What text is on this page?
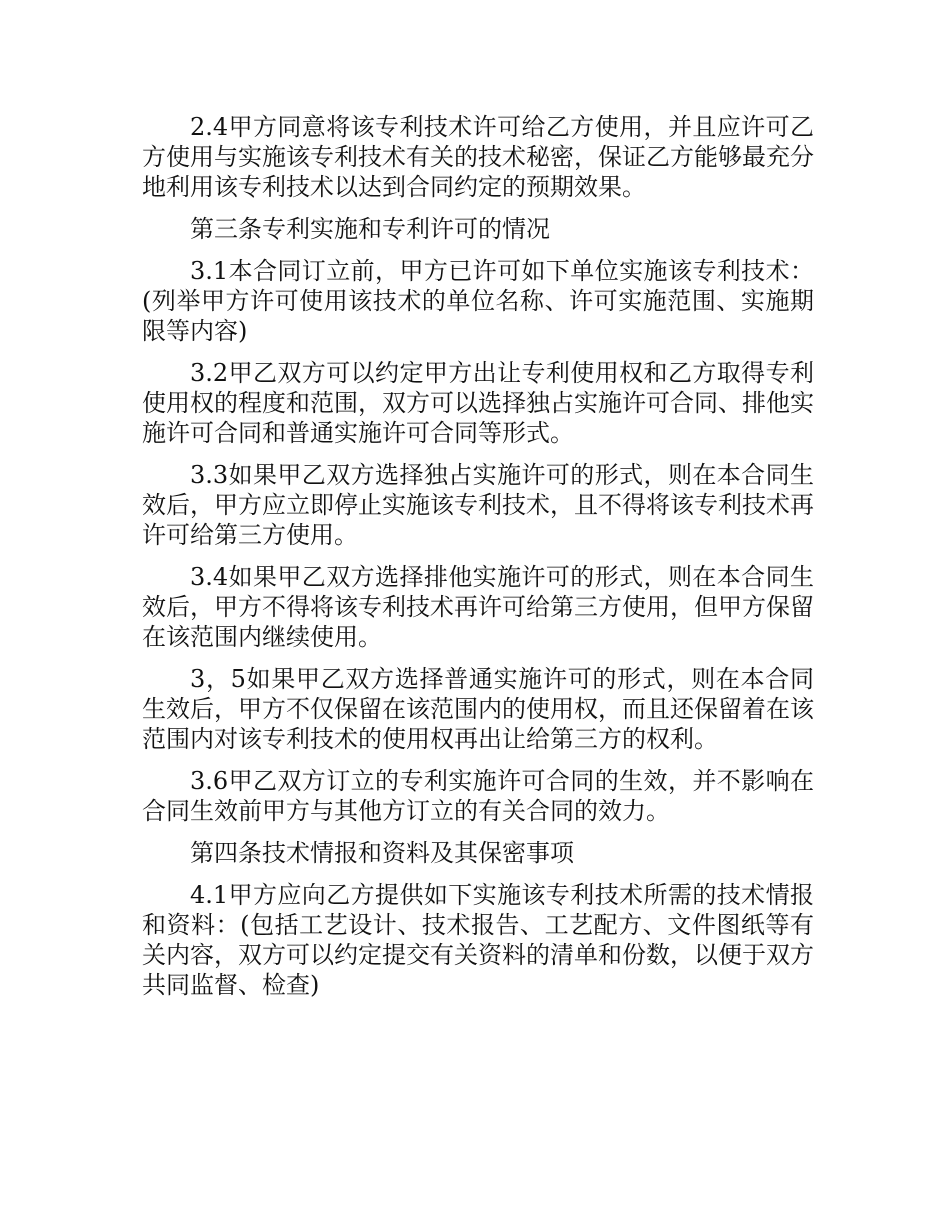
2.4甲方同意将该专利技术许可给乙方使用，并且应许可乙方使用与实施该专利技术有关的技术秘密，保证乙方能够最充分地利用该专利技术以达到合同约定的预期效果。

第三条专利实施和专利许可的情况

3.1本合同订立前，甲方已许可如下单位实施该专利技术：(列举甲方许可使用该技术的单位名称、许可实施范围、实施期限等内容)

3.2甲乙双方可以约定甲方出让专利使用权和乙方取得专利使用权的程度和范围，双方可以选择独占实施许可合同、排他实施许可合同和普通实施许可合同等形式。

3.3如果甲乙双方选择独占实施许可的形式，则在本合同生效后，甲方应立即停止实施该专利技术，且不得将该专利技术再许可给第三方使用。

3.4如果甲乙双方选择排他实施许可的形式，则在本合同生效后，甲方不得将该专利技术再许可给第三方使用，但甲方保留在该范围内继续使用。

3，5如果甲乙双方选择普通实施许可的形式，则在本合同生效后，甲方不仅保留在该范围内的使用权，而且还保留着在该范围内对该专利技术的使用权再出让给第三方的权利。

3.6甲乙双方订立的专利实施许可合同的生效，并不影响在合同生效前甲方与其他方订立的有关合同的效力。

第四条技术情报和资料及其保密事项

4.1甲方应向乙方提供如下实施该专利技术所需的技术情报和资料：(包括工艺设计、技术报告、工艺配方、文件图纸等有关内容，双方可以约定提交有关资料的清单和份数，以便于双方共同监督、检查)
